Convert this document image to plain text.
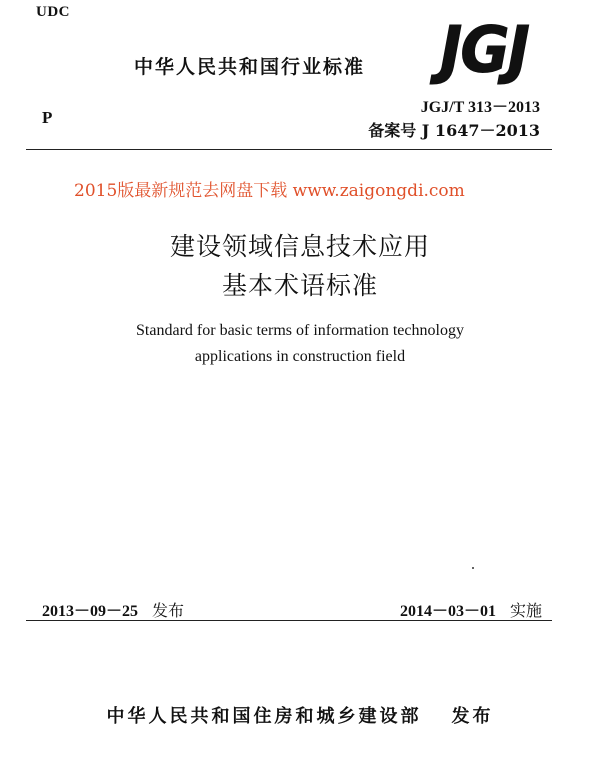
UDC
中华人民共和国行业标准 JGJ
P
JGJ/T 313－2013
备案号 J 1647－2013
2015版最新规范去网盘下载 www.zaigongdi.com
建设领域信息技术应用
基本术语标准
Standard for basic terms of information technology
applications in construction field
2013－09－25 发布	2014－03－01 实施
中华人民共和国住房和城乡建设部 发布
